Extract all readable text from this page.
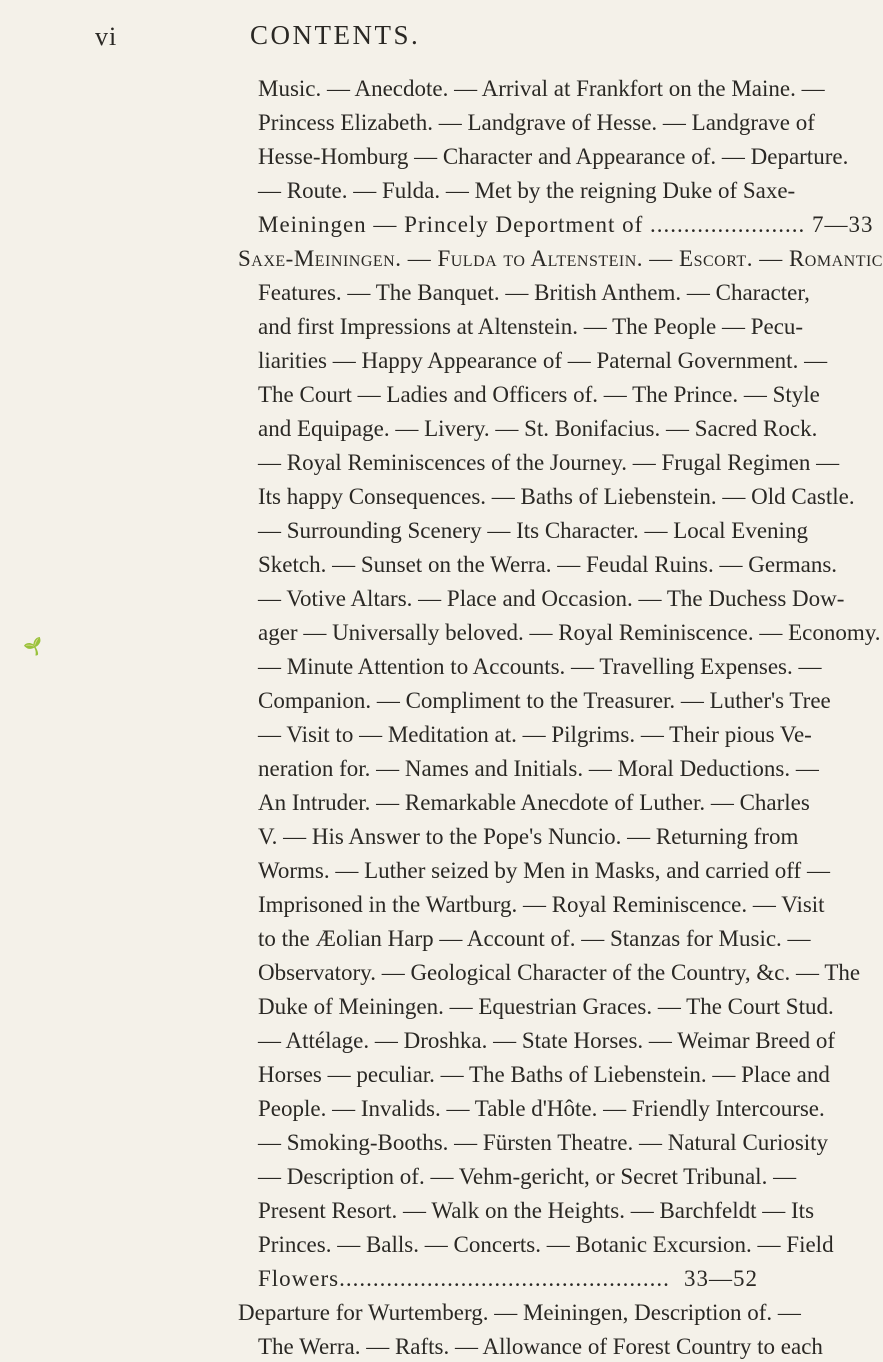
vi	CONTENTS.
🌱
Music. — Anecdote. — Arrival at Frankfort on the Maine. —
Princess Elizabeth. — Landgrave of Hesse. — Landgrave of
Hesse-Homburg — Character and Appearance of. — Departure.
— Route. — Fulda. — Met by the reigning Duke of Saxe-
Meiningen — Princely Deportment of ....................... 7—33
Saxe-Meiningen. — Fulda to Altenstein. — Escort. — Romantic
Features. — The Banquet. — British Anthem. — Character,
and first Impressions at Altenstein. — The People — Pecu-
liarities — Happy Appearance of — Paternal Government. —
The Court — Ladies and Officers of. — The Prince. — Style
and Equipage. — Livery. — St. Bonifacius. — Sacred Rock.
— Royal Reminiscences of the Journey. — Frugal Regimen —
Its happy Consequences. — Baths of Liebenstein. — Old Castle.
— Surrounding Scenery — Its Character. — Local Evening
Sketch. — Sunset on the Werra. — Feudal Ruins. — Germans.
— Votive Altars. — Place and Occasion. — The Duchess Dow-
ager — Universally beloved. — Royal Reminiscence. — Economy.
— Minute Attention to Accounts. — Travelling Expenses. —
Companion. — Compliment to the Treasurer. — Luther's Tree
— Visit to — Meditation at. — Pilgrims. — Their pious Ve-
neration for. — Names and Initials. — Moral Deductions. —
An Intruder. — Remarkable Anecdote of Luther. — Charles
V. — His Answer to the Pope's Nuncio. — Returning from
Worms. — Luther seized by Men in Masks, and carried off —
Imprisoned in the Wartburg. — Royal Reminiscence. — Visit
to the Æolian Harp — Account of. — Stanzas for Music. —
Observatory. — Geological Character of the Country, &c. — The
Duke of Meiningen. — Equestrian Graces. — The Court Stud.
— Attélage. — Droshka. — State Horses. — Weimar Breed of
Horses — peculiar. — The Baths of Liebenstein. — Place and
People. — Invalids. — Table d'Hôte. — Friendly Intercourse.
— Smoking-Booths. — Fürsten Theatre. — Natural Curiosity
— Description of. — Vehm-gericht, or Secret Tribunal. —
Present Resort. — Walk on the Heights. — Barchfeldt — Its
Princes. — Balls. — Concerts. — Botanic Excursion. — Field
Flowers................................................. 33—52
Departure for Wurtemberg. — Meiningen, Description of. —
The Werra. — Rafts. — Allowance of Forest Country to each
